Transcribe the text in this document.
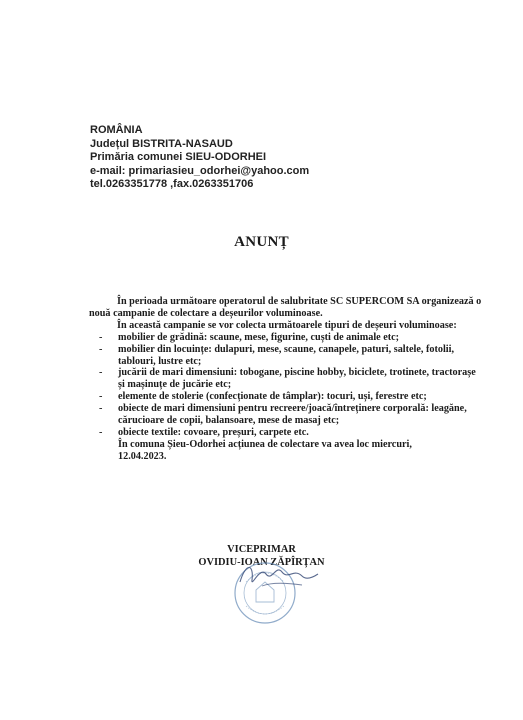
ROMÂNIA
Județul BISTRITA-NASAUD
Primăria comunei SIEU-ODORHEI
e-mail: primariasieu_odorhei@yahoo.com
tel.0263351778 ,fax.0263351706
ANUNȚ

În perioada următoare operatorul de salubritate SC SUPERCOM SA organizează o nouă campanie de colectare a deșeurilor voluminoase.

În această campanie se vor colecta următoarele tipuri de deșeuri voluminoase:

- mobilier de grădină: scaune, mese, figurine, cuști de animale etc;
- mobilier din locuințe: dulapuri, mese, scaune, canapele, paturi, saltele, fotolii, tablouri, lustre etc;
- jucării de mari dimensiuni: tobogane, piscine hobby, biciclete, trotinete, tractorașe și mașinuțe de jucărie etc;
- elemente de stolerie (confecționate de tâmplar): tocuri, uși, ferestre etc;
- obiecte de mari dimensiuni pentru recreere/joacă/întreținere corporală: leagăne, cărucioare de copii, balansoare, mese de masaj etc;
- obiecte textile: covoare, preșuri, carpete etc.

În comuna Șieu-Odorhei acțiunea de colectare va avea loc miercuri,
12.04.2023.

VICEPRIMAR
OVIDIU-IOAN ZĂPÎRȚAN
